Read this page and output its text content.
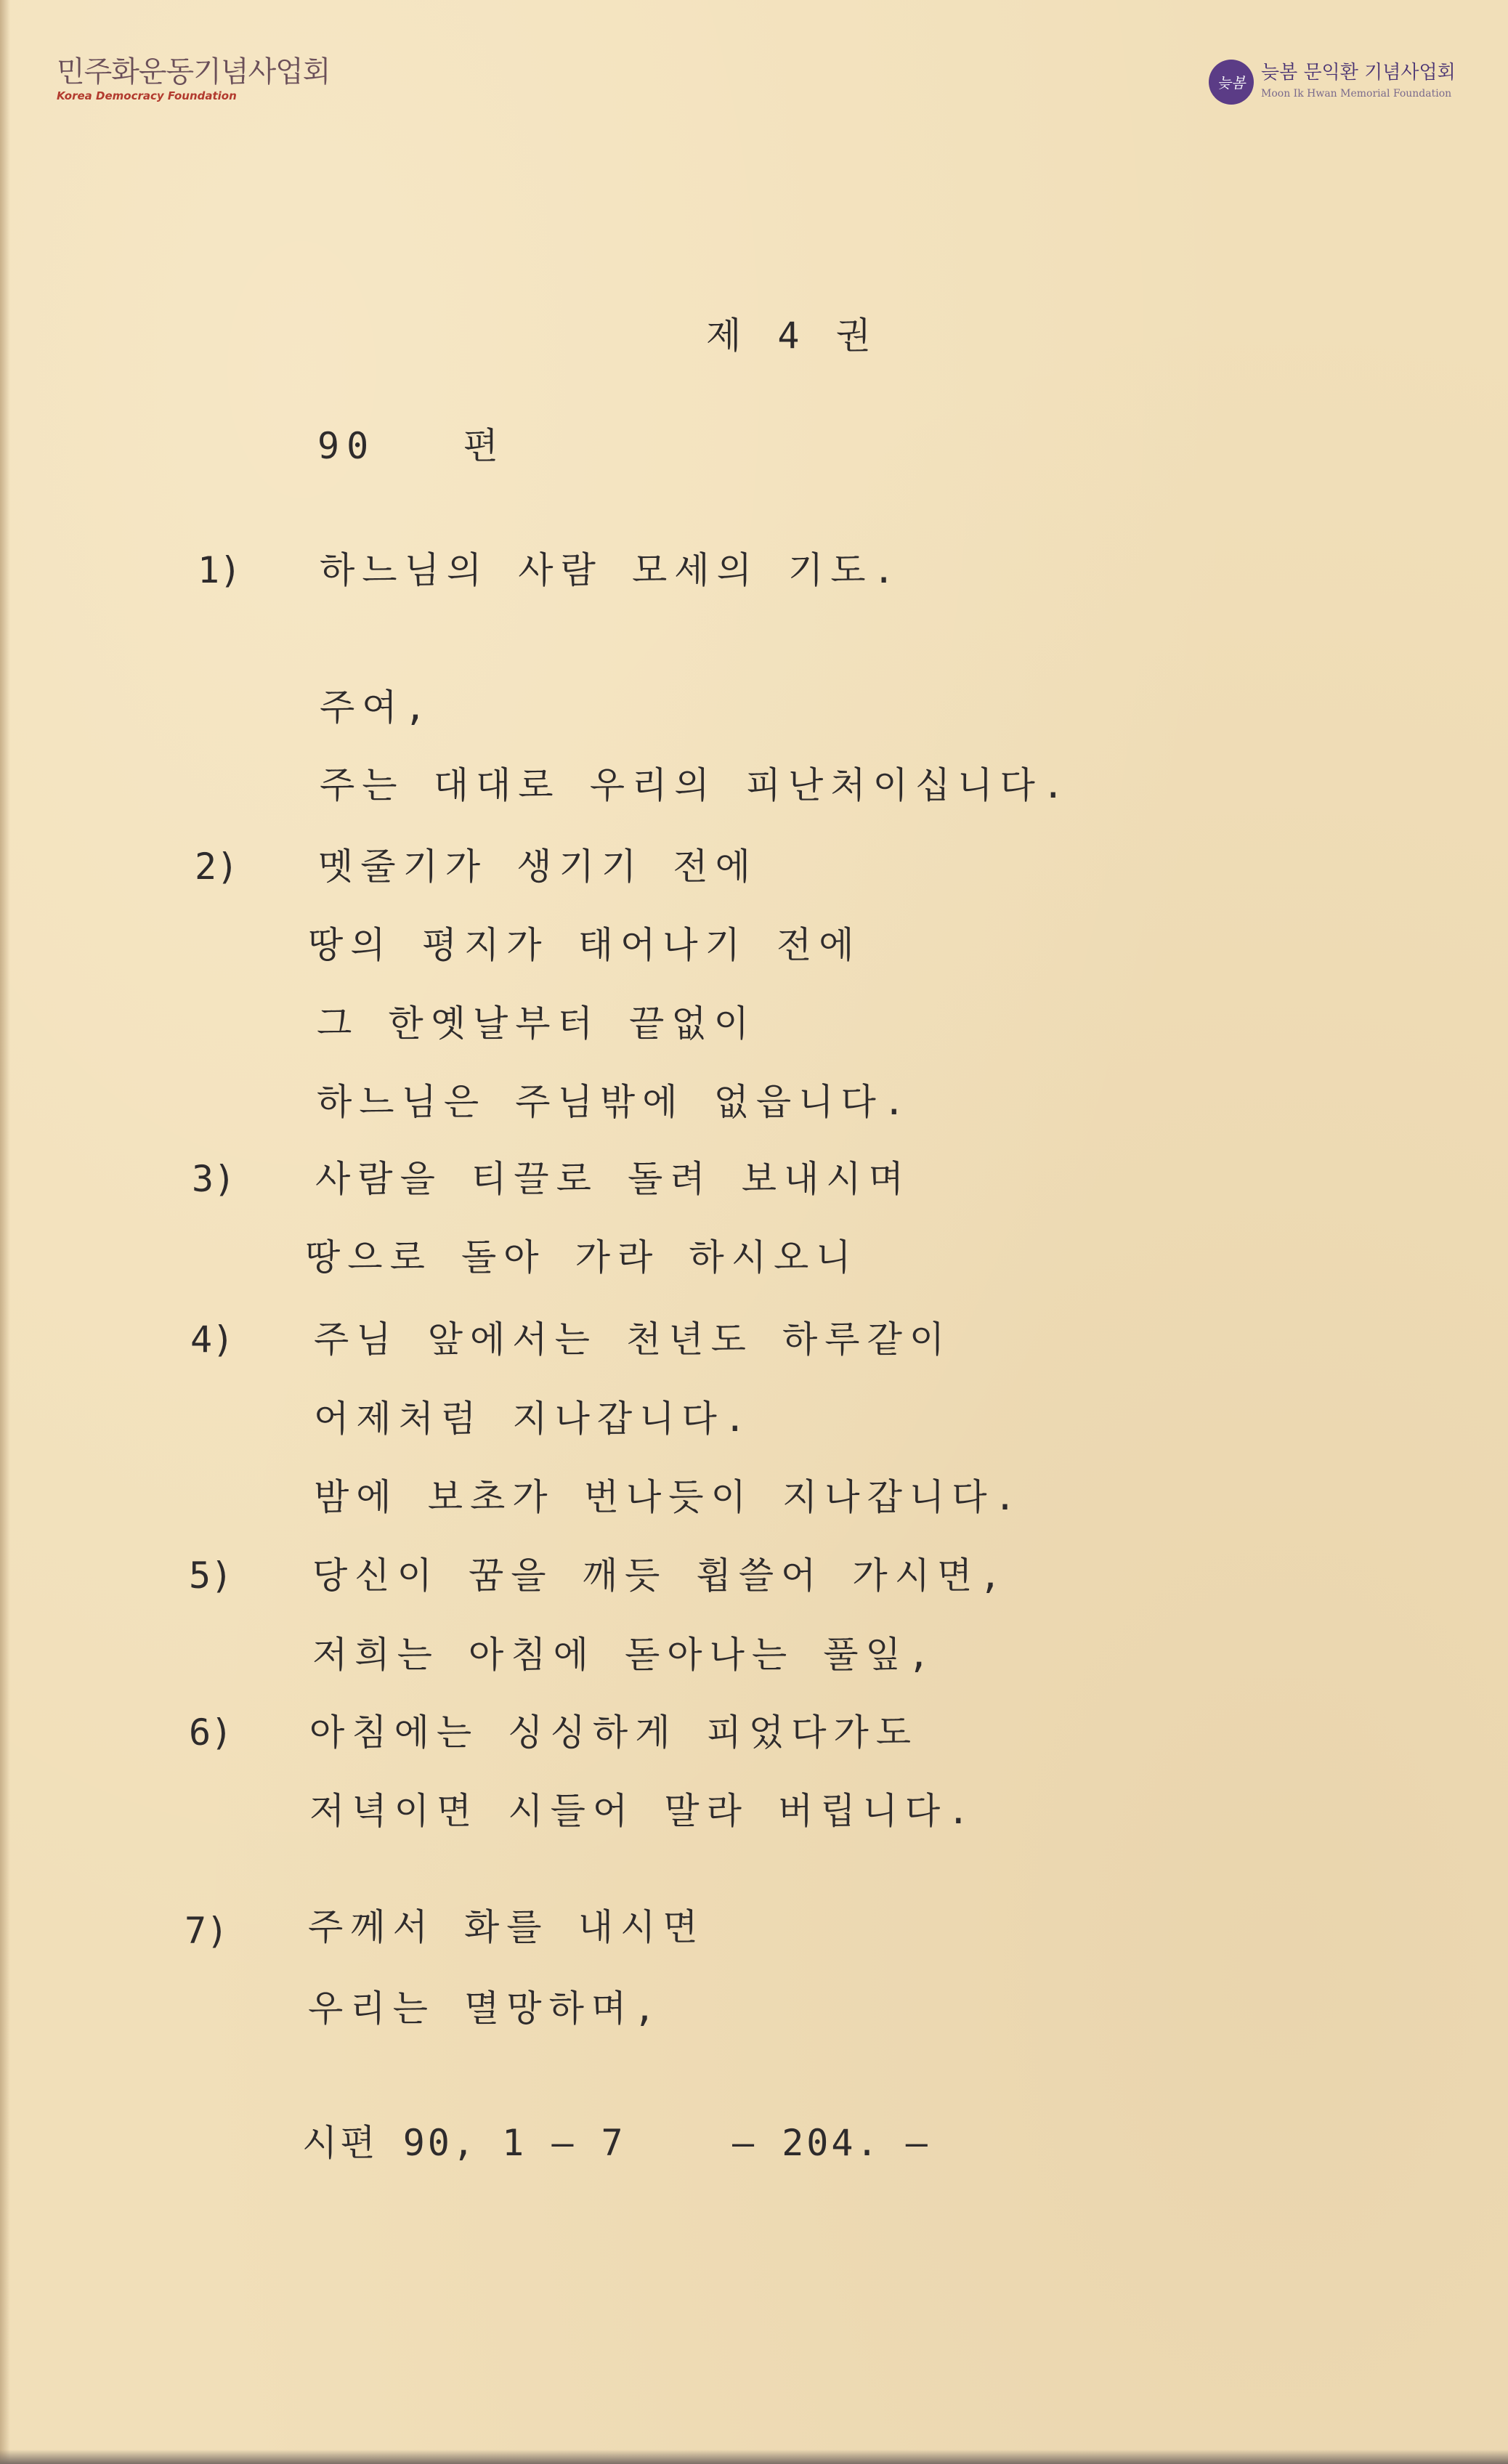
민주화운동기념사업회
Korea Democracy Foundation
늦봄 늦봄 문익환 기념사업회
Moon Ik Hwan Memorial Foundation
제 4 권
90   편
1) 하느님의 사람 모세의 기도.
주여,
주는 대대로 우리의 피난처이십니다.
2) 멧줄기가 생기기 전에
땅의 평지가 태어나기 전에
그 한옛날부터 끝없이
하느님은 주님밖에 없읍니다.
3) 사람을 티끌로 돌려 보내시며
땅으로 돌아 가라 하시오니
4) 주님 앞에서는 천년도 하루같이
어제처럼 지나갑니다.
밤에 보초가 번나듯이 지나갑니다.
5) 당신이 꿈을 깨듯 휩쓸어 가시면,
저희는 아침에 돋아나는 풀잎,
6) 아침에는 싱싱하게 피었다가도
저녁이면 시들어 말라 버립니다.
7) 주께서 화를 내시면
우리는 멸망하며,
시편 90, 1 — 7	— 204. —
